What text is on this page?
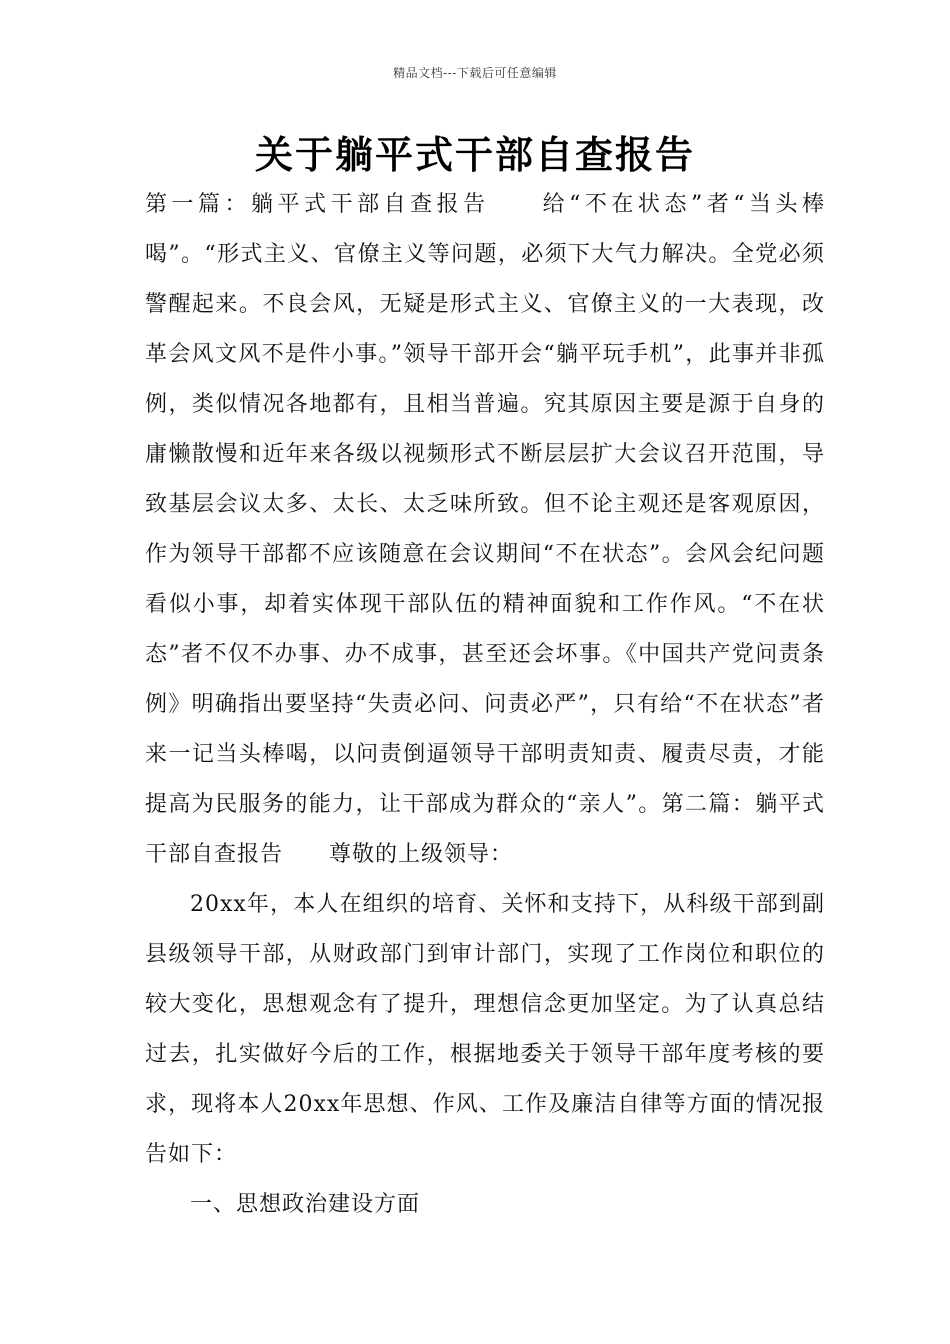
精品文档---下载后可任意编辑
关于躺平式干部自查报告

第一篇：躺平式干部自查报告　　给“不在状态”者“当头棒喝”。“形式主义、官僚主义等问题，必须下大气力解决。全党必须警醒起来。不良会风，无疑是形式主义、官僚主义的一大表现，改革会风文风不是件小事。”领导干部开会“躺平玩手机”，此事并非孤例，类似情况各地都有，且相当普遍。究其原因主要是源于自身的庸懒散慢和近年来各级以视频形式不断层层扩大会议召开范围，导致基层会议太多、太长、太乏味所致。但不论主观还是客观原因，作为领导干部都不应该随意在会议期间“不在状态”。会风会纪问题看似小事，却着实体现干部队伍的精神面貌和工作作风。“不在状态”者不仅不办事、办不成事，甚至还会坏事。《中国共产党问责条例》明确指出要坚持“失责必问、问责必严”，只有给“不在状态”者来一记当头棒喝，以问责倒逼领导干部明责知责、履责尽责，才能提高为民服务的能力，让干部成为群众的“亲人”。第二篇：躺平式干部自查报告　　尊敬的上级领导：

20xx年，本人在组织的培育、关怀和支持下，从科级干部到副县级领导干部，从财政部门到审计部门，实现了工作岗位和职位的较大变化，思想观念有了提升，理想信念更加坚定。为了认真总结过去，扎实做好今后的工作，根据地委关于领导干部年度考核的要求，现将本人20xx年思想、作风、工作及廉洁自律等方面的情况报告如下：

一、思想政治建设方面
